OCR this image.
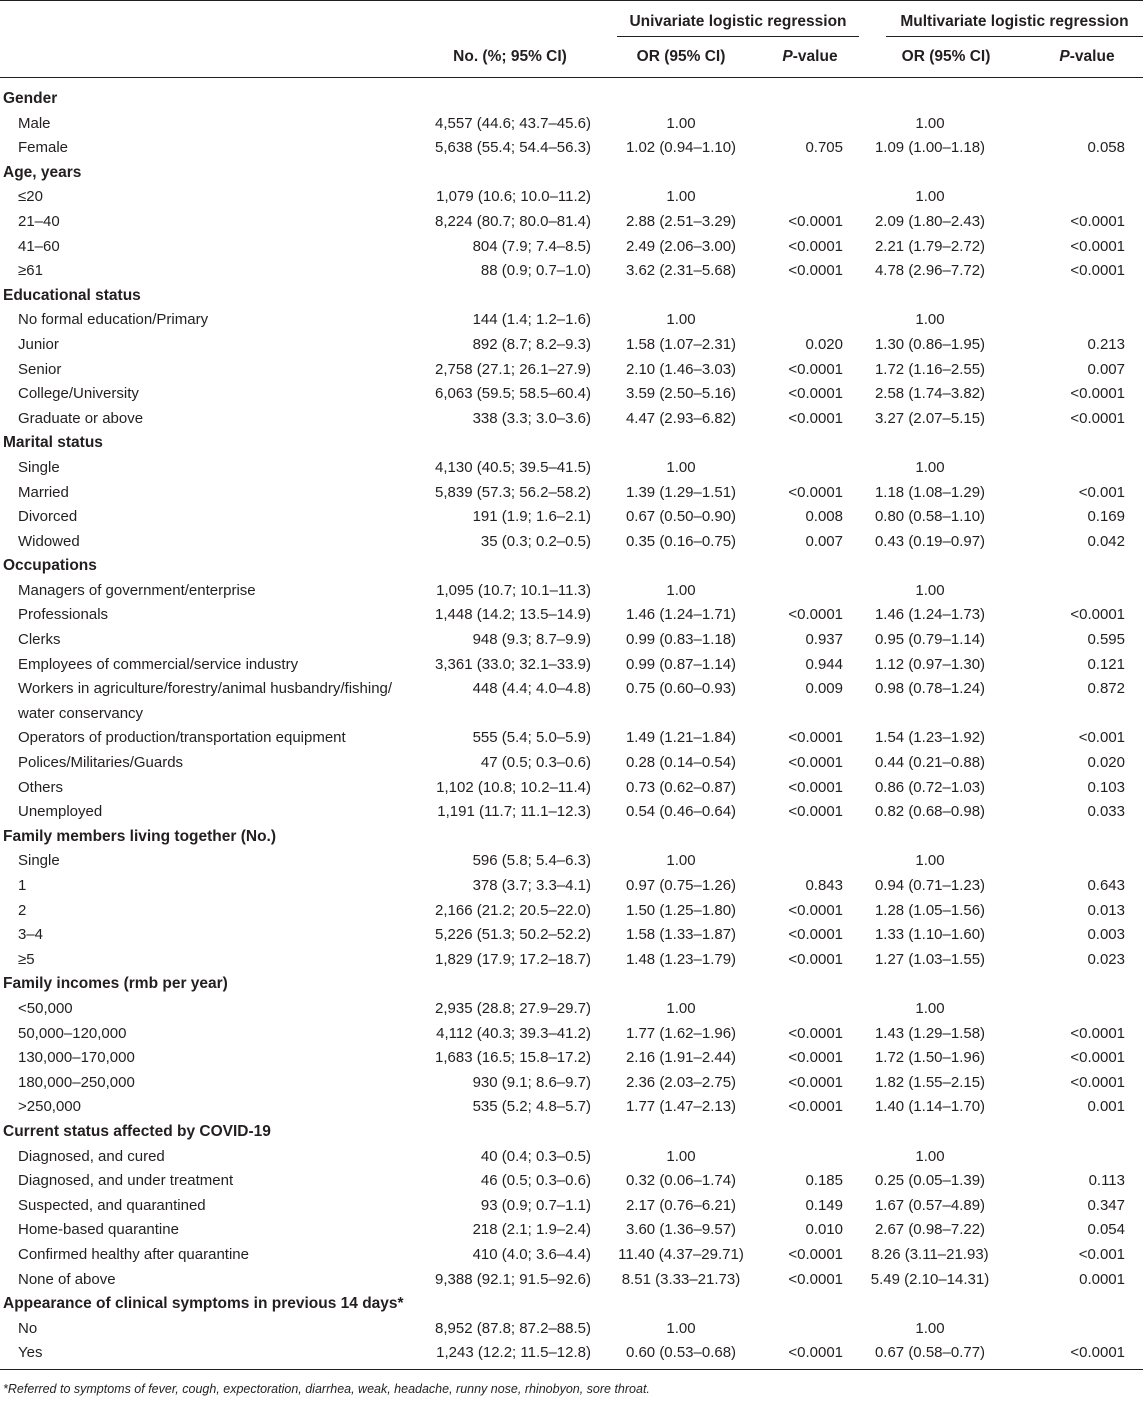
Univariate logistic regression	Multivariate logistic regression
No. (%; 95% CI)	OR (95% CI)	P-value	OR (95% CI)	P-value
Gender								
Male	4,557 (44.6; 43.7–45.6)		1.00			1.00		
Female	5,638 (55.4; 54.4–56.3)		1.02 (0.94–1.10)	0.705		1.09 (1.00–1.18)	0.058	
Age, years								
≤20	1,079 (10.6; 10.0–11.2)		1.00			1.00		
21–40	8,224 (80.7; 80.0–81.4)		2.88 (2.51–3.29)	<0.0001		2.09 (1.80–2.43)	<0.0001	
41–60	804 (7.9; 7.4–8.5)		2.49 (2.06–3.00)	<0.0001		2.21 (1.79–2.72)	<0.0001	
≥61	88 (0.9; 0.7–1.0)		3.62 (2.31–5.68)	<0.0001		4.78 (2.96–7.72)	<0.0001	
Educational status								
No formal education/Primary	144 (1.4; 1.2–1.6)		1.00			1.00		
Junior	892 (8.7; 8.2–9.3)		1.58 (1.07–2.31)	0.020		1.30 (0.86–1.95)	0.213	
Senior	2,758 (27.1; 26.1–27.9)		2.10 (1.46–3.03)	<0.0001		1.72 (1.16–2.55)	0.007	
College/University	6,063 (59.5; 58.5–60.4)		3.59 (2.50–5.16)	<0.0001		2.58 (1.74–3.82)	<0.0001	
Graduate or above	338 (3.3; 3.0–3.6)		4.47 (2.93–6.82)	<0.0001		3.27 (2.07–5.15)	<0.0001	
Marital status								
Single	4,130 (40.5; 39.5–41.5)		1.00			1.00		
Married	5,839 (57.3; 56.2–58.2)		1.39 (1.29–1.51)	<0.0001		1.18 (1.08–1.29)	<0.001	
Divorced	191 (1.9; 1.6–2.1)		0.67 (0.50–0.90)	0.008		0.80 (0.58–1.10)	0.169	
Widowed	35 (0.3; 0.2–0.5)		0.35 (0.16–0.75)	0.007		0.43 (0.19–0.97)	0.042	
Occupations								
Managers of government/enterprise	1,095 (10.7; 10.1–11.3)		1.00			1.00		
Professionals	1,448 (14.2; 13.5–14.9)		1.46 (1.24–1.71)	<0.0001		1.46 (1.24–1.73)	<0.0001	
Clerks	948 (9.3; 8.7–9.9)		0.99 (0.83–1.18)	0.937		0.95 (0.79–1.14)	0.595	
Employees of commercial/service industry	3,361 (33.0; 32.1–33.9)		0.99 (0.87–1.14)	0.944		1.12 (0.97–1.30)	0.121	
Workers in agriculture/forestry/animal husbandry/fishing/ water conservancy	448 (4.4; 4.0–4.8)		0.75 (0.60–0.93)	0.009		0.98 (0.78–1.24)	0.872	
Operators of production/transportation equipment	555 (5.4; 5.0–5.9)		1.49 (1.21–1.84)	<0.0001		1.54 (1.23–1.92)	<0.001	
Polices/Militaries/Guards	47 (0.5; 0.3–0.6)		0.28 (0.14–0.54)	<0.0001		0.44 (0.21–0.88)	0.020	
Others	1,102 (10.8; 10.2–11.4)		0.73 (0.62–0.87)	<0.0001		0.86 (0.72–1.03)	0.103	
Unemployed	1,191 (11.7; 11.1–12.3)		0.54 (0.46–0.64)	<0.0001		0.82 (0.68–0.98)	0.033	
Family members living together (No.)								
Single	596 (5.8; 5.4–6.3)		1.00			1.00		
1	378 (3.7; 3.3–4.1)		0.97 (0.75–1.26)	0.843		0.94 (0.71–1.23)	0.643	
2	2,166 (21.2; 20.5–22.0)		1.50 (1.25–1.80)	<0.0001		1.28 (1.05–1.56)	0.013	
3–4	5,226 (51.3; 50.2–52.2)		1.58 (1.33–1.87)	<0.0001		1.33 (1.10–1.60)	0.003	
≥5	1,829 (17.9; 17.2–18.7)		1.48 (1.23–1.79)	<0.0001		1.27 (1.03–1.55)	0.023	
Family incomes (rmb per year)								
<50,000	2,935 (28.8; 27.9–29.7)		1.00			1.00		
50,000–120,000	4,112 (40.3; 39.3–41.2)		1.77 (1.62–1.96)	<0.0001		1.43 (1.29–1.58)	<0.0001	
130,000–170,000	1,683 (16.5; 15.8–17.2)		2.16 (1.91–2.44)	<0.0001		1.72 (1.50–1.96)	<0.0001	
180,000–250,000	930 (9.1; 8.6–9.7)		2.36 (2.03–2.75)	<0.0001		1.82 (1.55–2.15)	<0.0001	
>250,000	535 (5.2; 4.8–5.7)		1.77 (1.47–2.13)	<0.0001		1.40 (1.14–1.70)	0.001	
Current status affected by COVID-19								
Diagnosed, and cured	40 (0.4; 0.3–0.5)		1.00			1.00		
Diagnosed, and under treatment	46 (0.5; 0.3–0.6)		0.32 (0.06–1.74)	0.185		0.25 (0.05–1.39)	0.113	
Suspected, and quarantined	93 (0.9; 0.7–1.1)		2.17 (0.76–6.21)	0.149		1.67 (0.57–4.89)	0.347	
Home-based quarantine	218 (2.1; 1.9–2.4)		3.60 (1.36–9.57)	0.010		2.67 (0.98–7.22)	0.054	
Confirmed healthy after quarantine	410 (4.0; 3.6–4.4)		11.40 (4.37–29.71)	<0.0001		8.26 (3.11–21.93)	<0.001	
None of above	9,388 (92.1; 91.5–92.6)		8.51 (3.33–21.73)	<0.0001		5.49 (2.10–14.31)	0.0001	
Appearance of clinical symptoms in previous 14 days*								
No	8,952 (87.8; 87.2–88.5)		1.00			1.00		
Yes	1,243 (12.2; 11.5–12.8)		0.60 (0.53–0.68)	<0.0001		0.67 (0.58–0.77)	<0.0001	
*Referred to symptoms of fever, cough, expectoration, diarrhea, weak, headache, runny nose, rhinobyon, sore throat.
